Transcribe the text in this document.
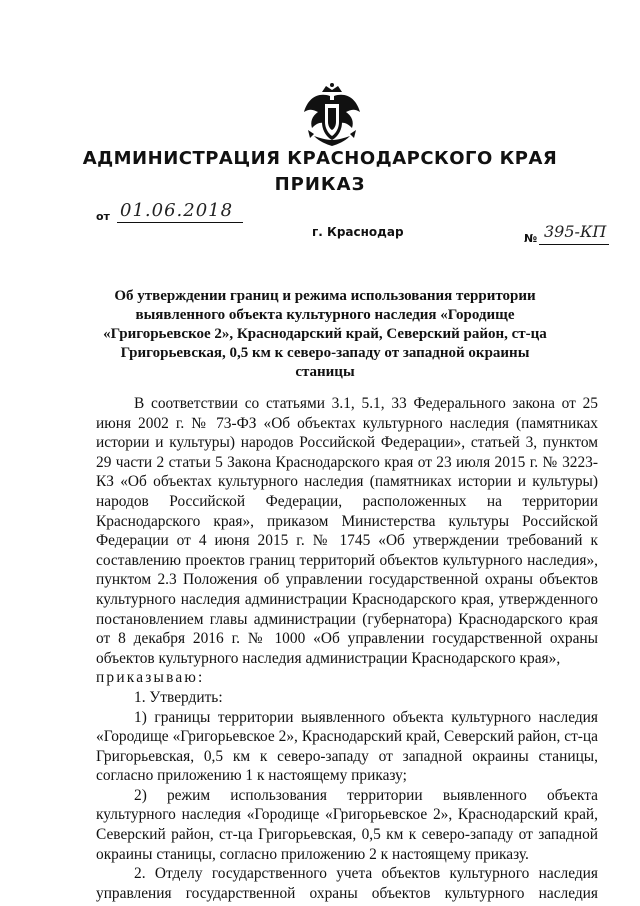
АДМИНИСТРАЦИЯ КРАСНОДАРСКОГО КРАЯ
ПРИКАЗ
от 01.06.2018
№ 395-КП
г. Краснодар
Об утверждении границ и режима использования территории выявленного объекта культурного наследия «Городище «Григорьевское 2», Краснодарский край, Северский район, ст-ца Григорьевская, 0,5 км к северо-западу от западной окраины станицы

В соответствии со статьями 3.1, 5.1, 33 Федерального закона от 25 июня 2002 г. № 73-ФЗ «Об объектах культурного наследия (памятниках истории и культуры) народов Российской Федерации», статьей 3, пунктом 29 части 2 статьи 5 Закона Краснодарского края от 23 июля 2015 г. № 3223-КЗ «Об объектах культурного наследия (памятниках истории и культуры) народов Российской Федерации, расположенных на территории Краснодарского края», приказом Министерства культуры Российской Федерации от 4 июня 2015 г. № 1745 «Об утверждении требований к составлению проектов границ территорий объектов культурного наследия», пунктом 2.3 Положения об управлении государственной охраны объектов культурного наследия администрации Краснодарского края, утвержденного постановлением главы администрации (губернатора) Краснодарского края от 8 декабря 2016 г. № 1000 «Об управлении государственной охраны объектов культурного наследия администрации Краснодарского края»,

приказываю:

1. Утвердить:

1) границы территории выявленного объекта культурного наследия «Городище «Григорьевское 2», Краснодарский край, Северский район, ст-ца Григорьевская, 0,5 км к северо-западу от западной окраины станицы, согласно приложению 1 к настоящему приказу;

2) режим использования территории выявленного объекта культурного наследия «Городище «Григорьевское 2», Краснодарский край, Северский район, ст-ца Григорьевская, 0,5 км к северо-западу от западной окраины станицы, согласно приложению 2 к настоящему приказу.

2. Отделу государственного учета объектов культурного наследия управления государственной охраны объектов культурного наследия
